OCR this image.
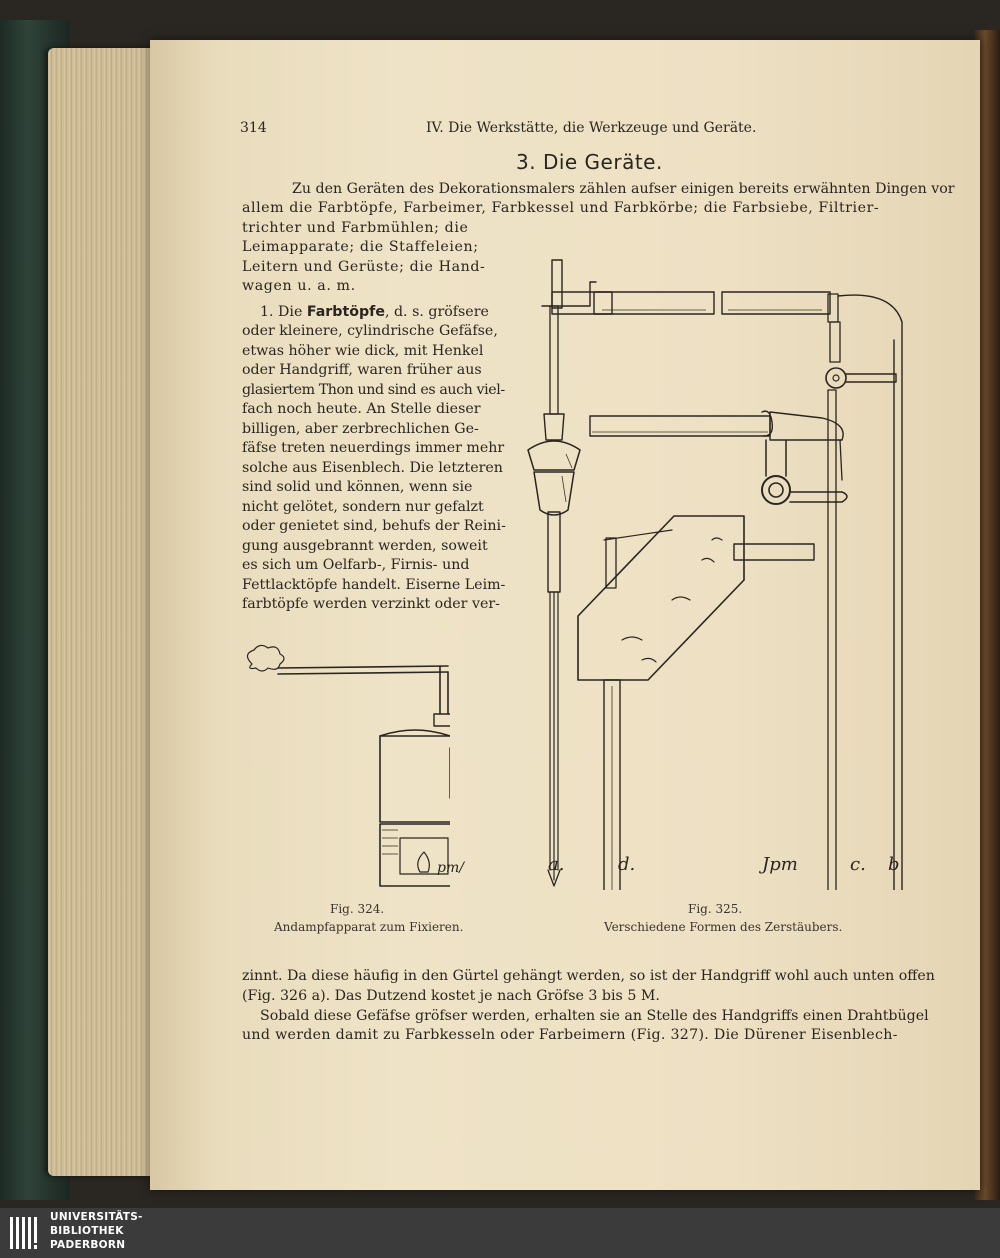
314	IV. Die Werkstätte, die Werkzeuge und Geräte.
3. Die Geräte.
Zu den Geräten des Dekorationsmalers zählen aufser einigen bereits erwähnten Dingen vor
allem die Farbtöpfe, Farbeimer, Farbkessel und Farbkörbe; die Farbsiebe, Filtrier-
trichter und Farbmühlen; die
Leimapparate; die Staffeleien;
Leitern und Gerüste; die Hand-
wagen u. a. m.
1. Die Farbtöpfe, d. s. gröfsere
oder kleinere, cylindrische Gefäfse,
etwas höher wie dick, mit Henkel
oder Handgriff, waren früher aus
glasiertem Thon und sind es auch viel-
fach noch heute. An Stelle dieser
billigen, aber zerbrechlichen Ge-
fäfse treten neuerdings immer mehr
solche aus Eisenblech. Die letzteren
sind solid und können, wenn sie
nicht gelötet, sondern nur gefalzt
oder genietet sind, behufs der Reini-
gung ausgebrannt werden, soweit
es sich um Oelfarb-, Firnis- und
Fettlacktöpfe handelt. Eiserne Leim-
farbtöpfe werden verzinkt oder ver-
pm/
Fig. 324.
Andampfapparat zum Fixieren.
a.	d.	Jpm	c. b
Fig. 325.
Verschiedene Formen des Zerstäubers.
zinnt. Da diese häufig in den Gürtel gehängt werden, so ist der Handgriff wohl auch unten offen
(Fig. 326 a). Das Dutzend kostet je nach Gröfse 3 bis 5 M.
Sobald diese Gefäfse gröfser werden, erhalten sie an Stelle des Handgriffs einen Drahtbügel
und werden damit zu Farbkesseln oder Farbeimern (Fig. 327). Die Dürener Eisenblech-
UNIVERSITÄTS-
BIBLIOTHEK
PADERBORN
